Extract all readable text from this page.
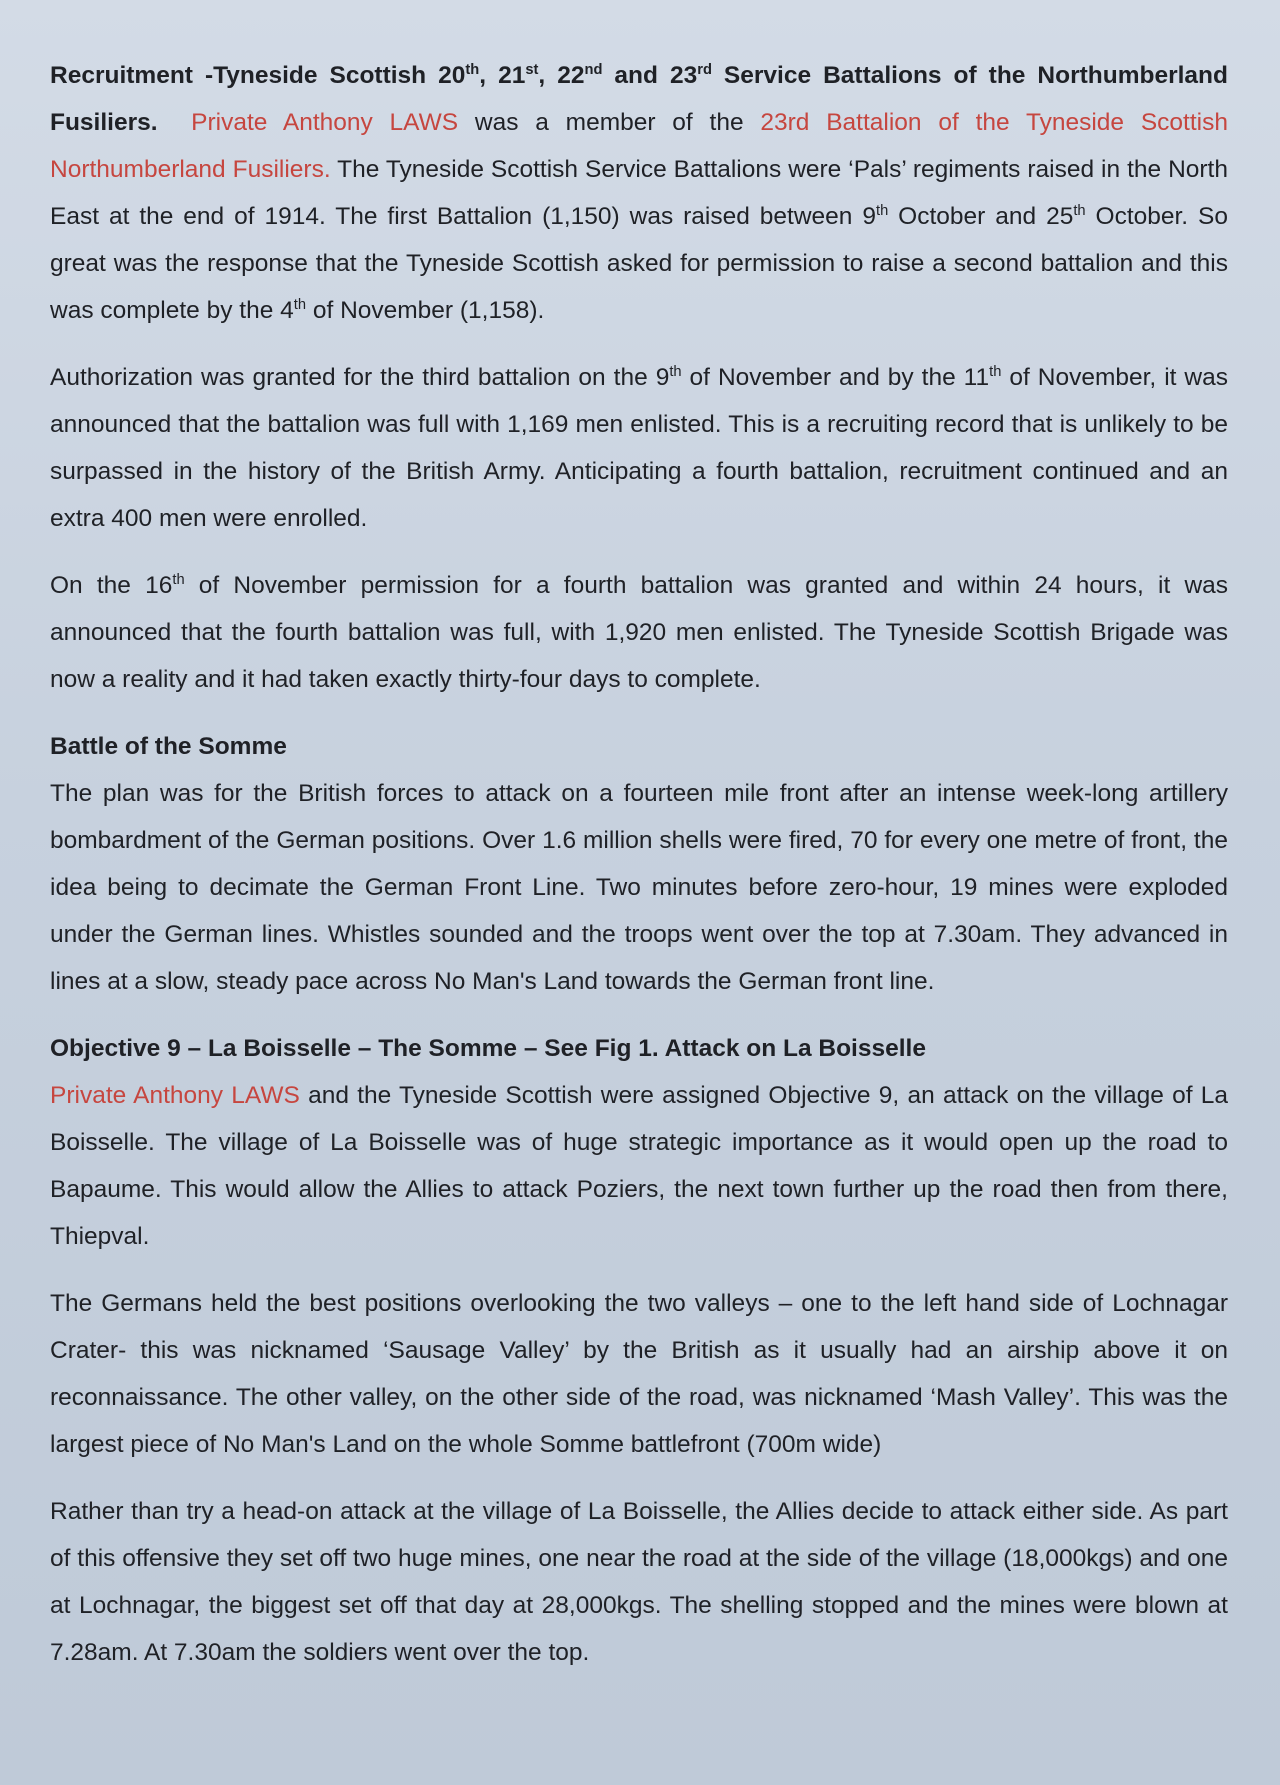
Recruitment -Tyneside Scottish 20th, 21st, 22nd and 23rd Service Battalions of the Northumberland Fusiliers. Private Anthony LAWS was a member of the 23rd Battalion of the Tyneside Scottish Northumberland Fusiliers. The Tyneside Scottish Service Battalions were ‘Pals’ regiments raised in the North East at the end of 1914. The first Battalion (1,150) was raised between 9th October and 25th October. So great was the response that the Tyneside Scottish asked for permission to raise a second battalion and this was complete by the 4th of November (1,158).

Authorization was granted for the third battalion on the 9th of November and by the 11th of November, it was announced that the battalion was full with 1,169 men enlisted. This is a recruiting record that is unlikely to be surpassed in the history of the British Army. Anticipating a fourth battalion, recruitment continued and an extra 400 men were enrolled.

On the 16th of November permission for a fourth battalion was granted and within 24 hours, it was announced that the fourth battalion was full, with 1,920 men enlisted. The Tyneside Scottish Brigade was now a reality and it had taken exactly thirty-four days to complete.

Battle of the Somme

The plan was for the British forces to attack on a fourteen mile front after an intense week-long artillery bombardment of the German positions. Over 1.6 million shells were fired, 70 for every one metre of front, the idea being to decimate the German Front Line. Two minutes before zero-hour, 19 mines were exploded under the German lines. Whistles sounded and the troops went over the top at 7.30am. They advanced in lines at a slow, steady pace across No Man's Land towards the German front line.

Objective 9 – La Boisselle – The Somme – See Fig 1. Attack on La Boisselle

Private Anthony LAWS and the Tyneside Scottish were assigned Objective 9, an attack on the village of La Boisselle. The village of La Boisselle was of huge strategic importance as it would open up the road to Bapaume. This would allow the Allies to attack Poziers, the next town further up the road then from there, Thiepval.

The Germans held the best positions overlooking the two valleys – one to the left hand side of Lochnagar Crater- this was nicknamed ‘Sausage Valley’ by the British as it usually had an airship above it on reconnaissance. The other valley, on the other side of the road, was nicknamed ‘Mash Valley’. This was the largest piece of No Man's Land on the whole Somme battlefront (700m wide)

Rather than try a head-on attack at the village of La Boisselle, the Allies decide to attack either side. As part of this offensive they set off two huge mines, one near the road at the side of the village (18,000kgs) and one at Lochnagar, the biggest set off that day at 28,000kgs. The shelling stopped and the mines were blown at 7.28am. At 7.30am the soldiers went over the top.
